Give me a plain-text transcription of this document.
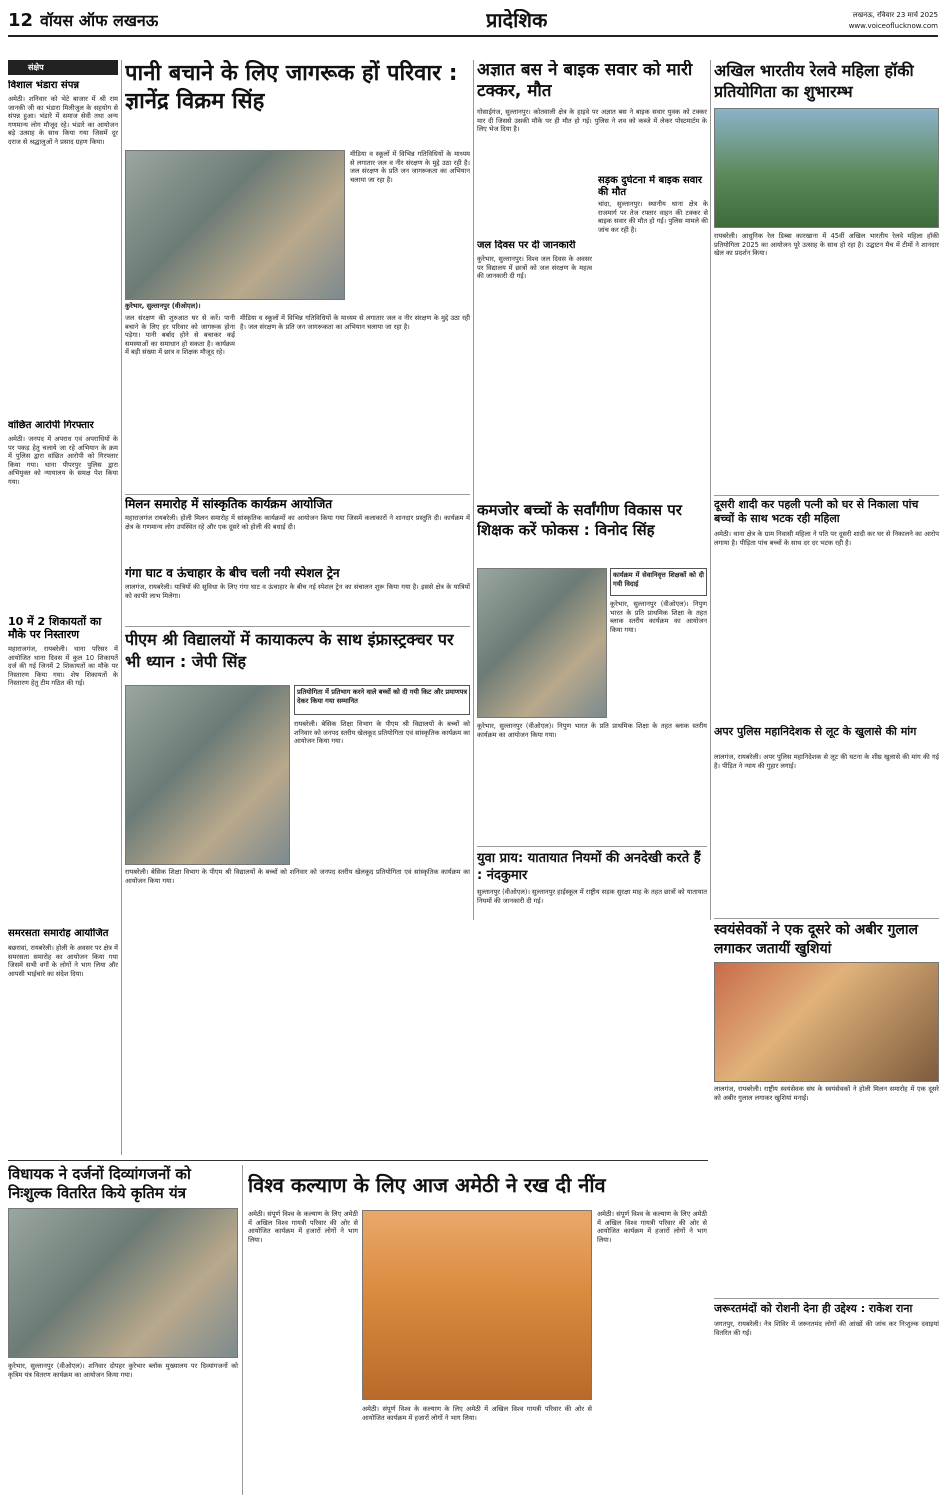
12 वॉयस ऑफ लखनऊ	प्रादेशिक	लखनऊ, रविवार 23 मार्च 2025
www.voiceoflucknow.com
संक्षेप
विशाल भंडारा संपन्न
अमेठी। शनिवार को भेटे बाजार में श्री राम जानकी जी का भंडारा मिलीजुल के सहयोग से संपन्न हुआ। भंडारे में समाज सेवी तथा अन्य गणमान्य लोग मौजूद रहे। भंडारे का आयोजन बड़े उत्साह के साथ किया गया जिसमें दूर दराज से श्रद्धालुओं ने प्रसाद ग्रहण किया।
वांछित आरोपी गिरफ्तार
अमेठी। जनपद में अपराध एवं अपराधियों के पर पकड़ हेतु चलाये जा रहे अभियान के क्रम में पुलिस द्वारा वांछित आरोपी को गिरफ्तार किया गया। थाना पीपरपुर पुलिस द्वारा अभियुक्त को न्यायालय के समक्ष पेश किया गया।
10 में 2 शिकायतों का मौके पर निस्तारण
महाराजगंज, रायबरेली। थाना परिसर में आयोजित थाना दिवस में कुल 10 शिकायतें दर्ज की गई जिनमें 2 शिकायतों का मौके पर निस्तारण किया गया। शेष शिकायतों के निस्तारण हेतु टीम गठित की गई।
समरसता समारोह आयोजित
बछरावां, रायबरेली। होली के अवसर पर क्षेत्र में समरसता समारोह का आयोजन किया गया जिसमें सभी वर्गों के लोगों ने भाग लिया और आपसी भाईचारे का संदेश दिया।
पानी बचाने के लिए जागरूक हों परिवार : ज्ञानेंद्र विक्रम सिंह
कुरेभार, सुल्तानपुर (वीओएल)।
जल संरक्षण की शुरुआत घर से करें। पानी बचाने के लिए हर परिवार को जागरूक होना पड़ेगा। पानी बर्बाद होने से बचाकर कई समस्याओं का समाधान हो सकता है। कार्यक्रम में बड़ी संख्या में छात्र व शिक्षक मौजूद रहे।
मीडिया व स्कूलों में विभिन्न गतिविधियों के माध्यम से लगातार जल व नीर संरक्षण के मुद्दे उठा रही है। जल संरक्षण के प्रति जन जागरूकता का अभियान चलाया जा रहा है।
मीडिया व स्कूलों में विभिन्न गतिविधियों के माध्यम से लगातार जल व नीर संरक्षण के मुद्दे उठा रही है। जल संरक्षण के प्रति जन जागरूकता का अभियान चलाया जा रहा है।
मिलन समारोह में सांस्कृतिक कार्यक्रम आयोजित
महाराजगंज रायबरेली। होली मिलन समारोह में सांस्कृतिक कार्यक्रमों का आयोजन किया गया जिसमें कलाकारों ने शानदार प्रस्तुति दी। कार्यक्रम में क्षेत्र के गणमान्य लोग उपस्थित रहे और एक दूसरे को होली की बधाई दी।
गंगा घाट व ऊंचाहार के बीच चली नयी स्पेशल ट्रेन
लालगंज, रायबरेली। यात्रियों की सुविधा के लिए गंगा घाट व ऊंचाहार के बीच नई स्पेशल ट्रेन का संचालन शुरू किया गया है। इससे क्षेत्र के यात्रियों को काफी लाभ मिलेगा।
पीएम श्री विद्यालयों में कायाकल्प के साथ इंफ्रास्ट्रक्चर पर भी ध्यान : जेपी सिंह
प्रतियोगिता में प्रतिभाग करने वाले बच्चों को दी गयी किट और प्रमाणपत्र देकर किया गया सम्मानित
रायबरेली। बेसिक शिक्षा विभाग के पीएम श्री विद्यालयों के बच्चों को शनिवार को जनपद स्तरीय खेलकूद प्रतियोगिता एवं सांस्कृतिक कार्यक्रम का आयोजन किया गया।
रायबरेली। बेसिक शिक्षा विभाग के पीएम श्री विद्यालयों के बच्चों को शनिवार को जनपद स्तरीय खेलकूद प्रतियोगिता एवं सांस्कृतिक कार्यक्रम का आयोजन किया गया।
अज्ञात बस ने बाइक सवार को मारी टक्कर, मौत
गोसाईगंज, सुल्तानपुर। कोतवाली क्षेत्र के हाइवे पर अज्ञात बस ने बाइक सवार युवक को टक्कर मार दी जिससे उसकी मौके पर ही मौत हो गई। पुलिस ने शव को कब्जे में लेकर पोस्टमार्टम के लिए भेज दिया है।
जल दिवस पर दी जानकारी
कुरेभार, सुल्तानपुर। विश्व जल दिवस के अवसर पर विद्यालय में छात्रों को जल संरक्षण के महत्व की जानकारी दी गई।
सड़क दुर्घटना में बाइक सवार की मौत
चांदा, सुल्तानपुर। स्थानीय थाना क्षेत्र के राजमार्ग पर तेज रफ्तार वाहन की टक्कर से बाइक सवार की मौत हो गई। पुलिस मामले की जांच कर रही है।
कमजोर बच्चों के सर्वांगीण विकास पर शिक्षक करें फोकस : विनोद सिंह
कार्यक्रम में सेवानिवृत्त शिक्षकों को दी गयी विदाई
कूरेभार, सुल्तानपुर (वीओएल)। निपुण भारत के प्रति प्राथमिक शिक्षा के तहत ब्लाक स्तरीय कार्यक्रम का आयोजन किया गया।
कूरेभार, सुल्तानपुर (वीओएल)। निपुण भारत के प्रति प्राथमिक शिक्षा के तहत ब्लाक स्तरीय कार्यक्रम का आयोजन किया गया।
युवा प्राय: यातायात नियमों की अनदेखी करते हैं : नंदकुमार
सुल्तानपुर (वीओएल)। सुल्तानपुर हाईस्कूल में राष्ट्रीय सड़क सुरक्षा माह के तहत छात्रों को यातायात नियमों की जानकारी दी गई।
अखिल भारतीय रेलवे महिला हॉकी प्रतियोगिता का शुभारम्भ
रायबरेली। आधुनिक रेल डिब्बा कारखाना में 45वीं अखिल भारतीय रेलवे महिला हॉकी प्रतियोगिता 2025 का आयोजन पूरे उत्साह के साथ हो रहा है। उद्घाटन मैच में टीमों ने शानदार खेल का प्रदर्शन किया।
दूसरी शादी कर पहली पत्नी को घर से निकाला पांच बच्चों के साथ भटक रही महिला
अमेठी। थाना क्षेत्र के ग्राम निवासी महिला ने पति पर दूसरी शादी कर घर से निकालने का आरोप लगाया है। पीड़िता पांच बच्चों के साथ दर दर भटक रही है।
अपर पुलिस महानिदेशक से लूट के खुलासे की मांग
लालगंज, रायबरेली। अपर पुलिस महानिदेशक से लूट की घटना के शीघ्र खुलासे की मांग की गई है। पीड़ित ने न्याय की गुहार लगाई।
स्वयंसेवकों ने एक दूसरे को अबीर गुलाल लगाकर जतायीं खुशियां
लालगंज, रायबरेली। राष्ट्रीय स्वयंसेवक संघ के स्वयंसेवकों ने होली मिलन समारोह में एक दूसरे को अबीर गुलाल लगाकर खुशियां मनाईं।
जरूरतमंदों को रोशनी देना ही उद्देश्य : राकेश राना
जगतपुर, रायबरेली। नेत्र शिविर में जरूरतमंद लोगों की आंखों की जांच कर निःशुल्क दवाइयां वितरित की गईं।
विधायक ने दर्जनों दिव्यांगजनों को निःशुल्क वितरित किये कृतिम यंत्र
कुरेभार, सुल्तानपुर (वीओएल)। शनिवार दोपहर कुरेभार ब्लॉक मुख्यालय पर दिव्यांगजनों को कृत्रिम यंत्र वितरण कार्यक्रम का आयोजन किया गया।
विश्व कल्याण के लिए आज अमेठी ने रख दी नींव
अमेठी। संपूर्ण विश्व के कल्याण के लिए अमेठी में अखिल विश्व गायत्री परिवार की ओर से आयोजित कार्यक्रम में हजारों लोगों ने भाग लिया।
अमेठी। संपूर्ण विश्व के कल्याण के लिए अमेठी में अखिल विश्व गायत्री परिवार की ओर से आयोजित कार्यक्रम में हजारों लोगों ने भाग लिया।
अमेठी। संपूर्ण विश्व के कल्याण के लिए अमेठी में अखिल विश्व गायत्री परिवार की ओर से आयोजित कार्यक्रम में हजारों लोगों ने भाग लिया।
